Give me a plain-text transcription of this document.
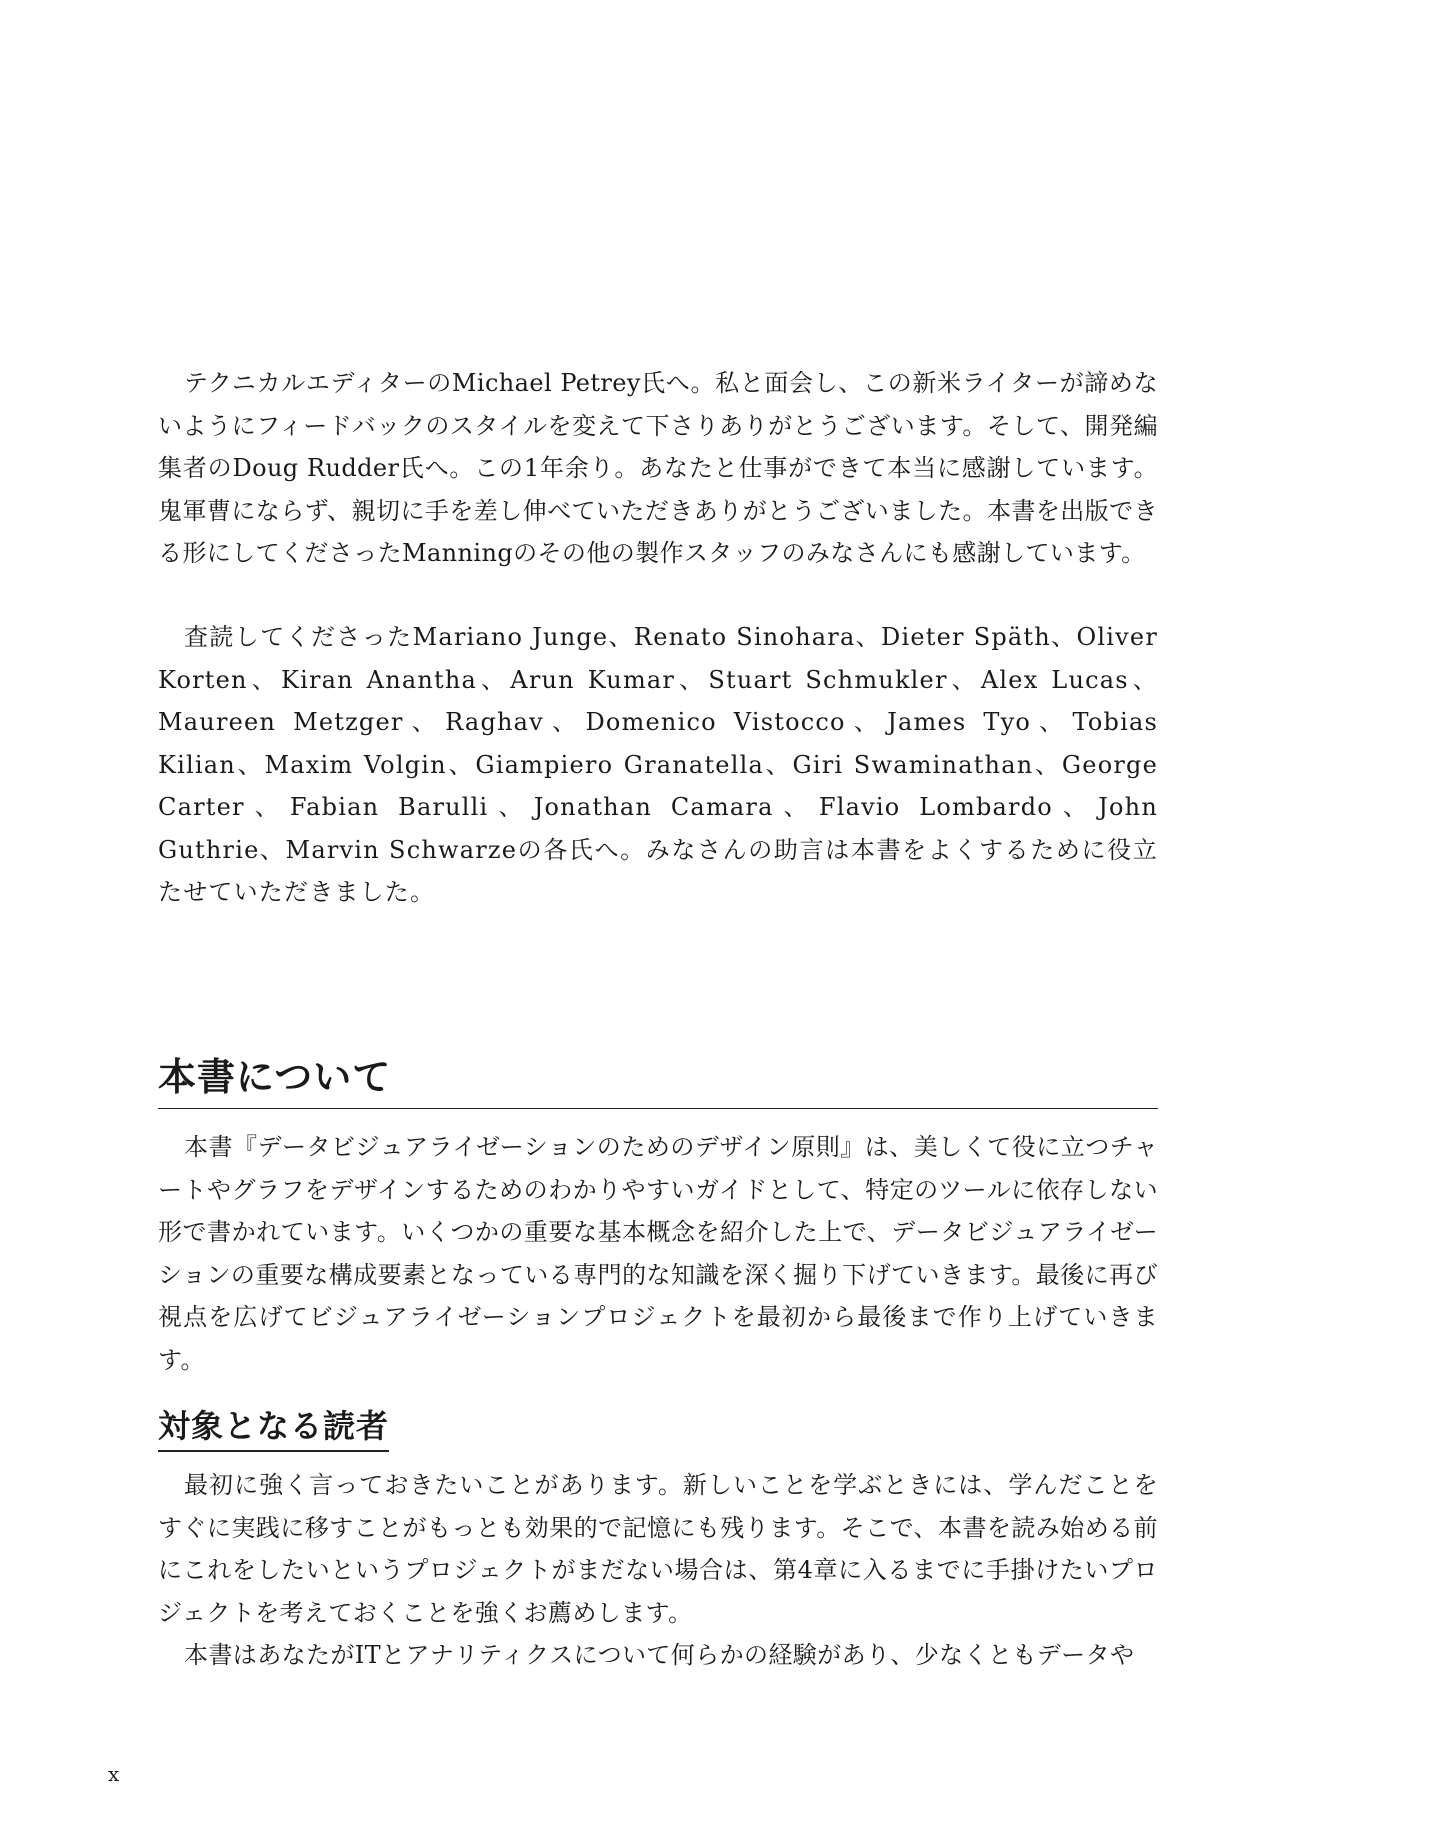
テクニカルエディターのMichael Petrey氏へ。私と面会し、この新米ライターが諦めないようにフィードバックのスタイルを変えて下さりありがとうございます。そして、開発編集者のDoug Rudder氏へ。この1年余り。あなたと仕事ができて本当に感謝しています。鬼軍曹にならず、親切に手を差し伸べていただきありがとうございました。本書を出版できる形にしてくださったManningのその他の製作スタッフのみなさんにも感謝しています。

査読してくださったMariano Junge、Renato Sinohara、Dieter Späth、Oliver Korten、Kiran Anantha、Arun Kumar、Stuart Schmukler、Alex Lucas、Maureen Metzger、Raghav、Domenico Vistocco、James Tyo、Tobias Kilian、Maxim Volgin、Giampiero Granatella、Giri Swaminathan、George Carter、Fabian Barulli、Jonathan Camara、Flavio Lombardo、John Guthrie、Marvin Schwarzeの各氏へ。みなさんの助言は本書をよくするために役立たせていただきました。

本書について

本書『データビジュアライゼーションのためのデザイン原則』は、美しくて役に立つチャートやグラフをデザインするためのわかりやすいガイドとして、特定のツールに依存しない形で書かれています。いくつかの重要な基本概念を紹介した上で、データビジュアライゼーションの重要な構成要素となっている専門的な知識を深く掘り下げていきます。最後に再び視点を広げてビジュアライゼーションプロジェクトを最初から最後まで作り上げていきます。

対象となる読者

最初に強く言っておきたいことがあります。新しいことを学ぶときには、学んだことをすぐに実践に移すことがもっとも効果的で記憶にも残ります。そこで、本書を読み始める前にこれをしたいというプロジェクトがまだない場合は、第4章に入るまでに手掛けたいプロジェクトを考えておくことを強くお薦めします。

本書はあなたがITとアナリティクスについて何らかの経験があり、少なくともデータや

x
